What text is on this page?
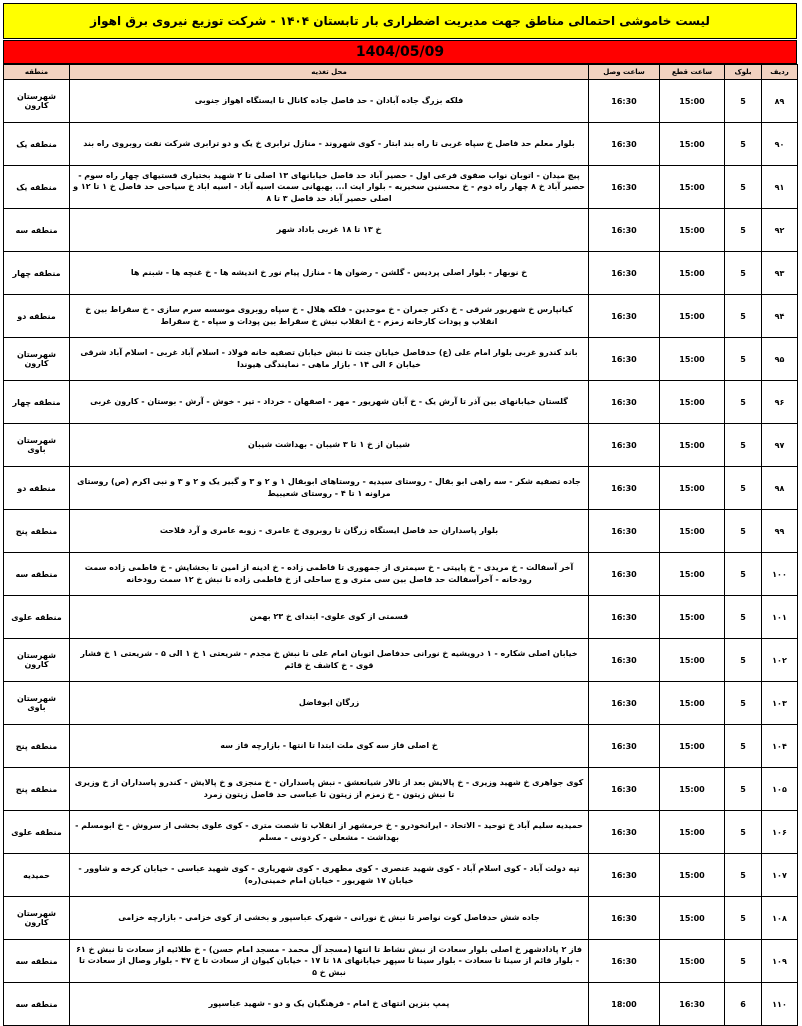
لیست خاموشی احتمالی مناطق جهت مدیریت اضطراری بار تابستان ۱۴۰۴ - شرکت توزیع نیروی برق اهواز
1404/05/09
ردیف	بلوک	ساعت قطع	ساعت وصل	محل تغذیه	منطقه
۸۹	5	15:00	16:30	فلکه بزرگ جاده آبادان - حد فاصل جاده کانال تا ایستگاه اهواز جنوبی	شهرستان کارون
۹۰	5	15:00	16:30	بلوار معلم حد فاصل خ سپاه غربی تا راه بند ابتار - کوی شهروند - منازل ترابری خ یک و دو ترابری شرکت نفت روبروی راه بند	منطقه یک
۹۱	5	15:00	16:30	پیچ میدان - اتوبان نواب صفوی فرعی اول - حصیر آباد حد فاصل خیابانهای ۱۳ اصلی تا ۲ شهید بختیاری فستیهای چهار راه سوم - حصیر آباد خ ۸ چهار راه دوم - خ محسنین سخیریه - بلوار ایت ا... بهبهانی سمت اسیه آباد - اسیه اباد خ سیاحی حد فاصل خ ۱ تا ۱۲ و اصلی حصیر آباد حد فاصل ۳ تا ۸	منطقه یک
۹۲	5	15:00	16:30	خ ۱۳ تا ۱۸ غربی باداد شهر	منطقه سه
۹۳	5	15:00	16:30	خ نوبهار - بلوار اصلی پردیس - گلشن - رضوان ها - منازل پیام نور خ اندیشه ها - خ غنچه ها - شبنم ها	منطقه چهار
۹۴	5	15:00	16:30	کیانپارس خ شهریور شرقی - خ دکتر جمران - خ موحدین - فلکه هلال - خ سپاه روبروی موسسه سرم سازی - خ سقراط بین خ انقلاب و پودات کارخانه زمزم - خ انقلاب نبش خ سقراط بین پودات و سپاه - خ سقراط	منطقه دو
۹۵	5	15:00	16:30	باند کندرو غربی بلوار امام علی (ع) حدفاصل خیابان جنت تا نبش خیابان تصفیه خانه فولاد - اسلام آباد غربی - اسلام آباد شرقی خیابان ۶ الی ۱۴ - بازار ماهی - نمایندگی هیوندا	شهرستان کارون
۹۶	5	15:00	16:30	گلستان خیابانهای بین آذر تا آرش یک - خ آبان شهریور - مهر - اصفهان - خرداد - تیر - خوش - آرش - بوستان - کارون غربی	منطقه چهار
۹۷	5	15:00	16:30	شیبان از خ ۱ تا ۳ شیبان - بهداشت شیبان	شهرستان باوی
۹۸	5	15:00	16:30	جاده تصفیه شکر - سه راهی ابو بقال - روستای سیدیه - روستاهای ابوبقال ۱ و ۲ و ۳ و گبیر یک و ۲ و ۳ و نبی اکرم (ص) روستای مراونه ۱ تا ۴ - روستای شعیبیط	منطقه دو
۹۹	5	15:00	16:30	بلوار پاسداران حد فاصل ایستگاه زرگان تا روبروی خ عامری - زوبه عامری و آرد فلاحت	منطقه پنج
۱۰۰	5	15:00	16:30	آخر آسفالت - خ مریدی - خ پاییتی - خ سیمتری از جمهوری تا فاطمی زاده - خ ادینه از امین تا بخشایش - خ فاطمی زاده سمت رودخانه - آخرآسفالت حد فاصل بین سی متری و ج ساحلی از خ فاطمی زاده تا نبش خ ۱۲ سمت رودخانه	منطقه سه
۱۰۱	5	15:00	16:30	قسمتی از کوی علوی- ابتدای خ ۲۳ بهمن	منطقه علوی
۱۰۲	5	15:00	16:30	خیابان اصلی شکاره - ۱ درویشیه خ نورانی حدفاصل اتوبان امام علی تا نبش خ مجدم - شریعتی ۱ خ ۱ الی ۵ - شریعتی ۱ خ فشار قوی - خ کاشف خ قائم	شهرستان کارون
۱۰۳	5	15:00	16:30	زرگان ابوفاضل	شهرستان باوی
۱۰۴	5	15:00	16:30	خ اصلی فاز سه کوی ملت ابتدا تا انتها - بازارچه فاز سه	منطقه پنج
۱۰۵	5	15:00	16:30	کوی جواهری خ شهید وزیری - خ پالایش بعد از تالار شیانعشق - نبش پاسداران - خ منجزی و خ پالایش - کندرو پاسداران از خ وزیری تا نبش زیتون - خ زمزم از زیتون تا عباسی حد فاصل زیتون زمرد	منطقه پنج
۱۰۶	5	15:00	16:30	حمیدیه سلیم آباد خ توحید - الاتحاد - ایرانخودرو - خ خرمشهر از انقلاب تا شصت متری - کوی علوی بخشی از سروش - خ ابومسلم - بهداشت - مشعلی - کردونی - مسلم	منطقه علوی
۱۰۷	5	15:00	16:30	تپه دولت آباد - کوی اسلام آباد - کوی شهید عنصری - کوی مطهری - کوی شهریاری - کوی شهید عباسی - خیابان کرخه و شاوور - خیابان ۱۷ شهریور - خیابان امام خمینی(ره)	حمیدیه
۱۰۸	5	15:00	16:30	جاده شش حدفاصل کوت نواصر تا نبش خ نورانی - شهرک عباسپور و بخشی از کوی خزامی - بازارچه خزامی	شهرستان کارون
۱۰۹	5	15:00	16:30	فاز ۲ پادادشهر خ اصلی بلوار سعادت از نبش نشاط تا انتها (مسجد آل محمد - مسجد امام حسن) - خ طلائیه از سعادت تا نبش خ ۶۱ - بلوار قائم از سینا تا سعادت - بلوار سینا تا سپهر خیابانهای ۱۸ تا ۱۷ - خیابان کیوان از سعادت تا خ ۴۷ - بلوار وصال از سعادت تا نبش خ ۵	منطقه سه
۱۱۰	6	16:30	18:00	پمپ بنزین انتهای خ امام - فرهنگیان یک و دو - شهید عباسپور	منطقه سه
